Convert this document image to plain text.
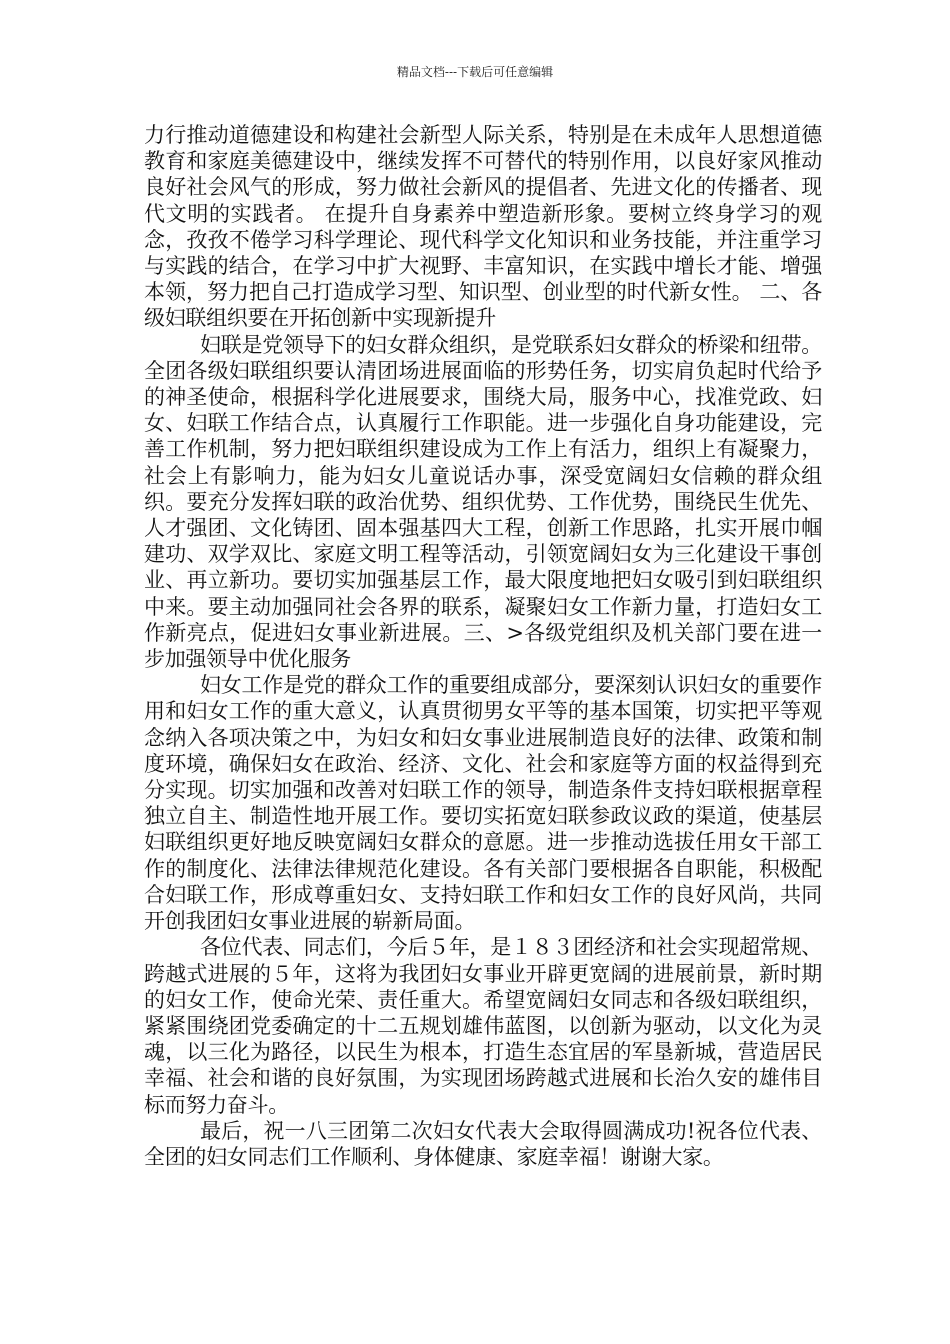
精品文档---下载后可任意编辑

力行推动道德建设和构建社会新型人际关系，特别是在未成年人思想道德教育和家庭美德建设中，继续发挥不可替代的特别作用，以良好家风推动良好社会风气的形成，努力做社会新风的提倡者、先进文化的传播者、现代文明的实践者。 在提升自身素养中塑造新形象。要树立终身学习的观念，孜孜不倦学习科学理论、现代科学文化知识和业务技能，并注重学习与实践的结合，在学习中扩大视野、丰富知识，在实践中增长才能、增强本领，努力把自己打造成学习型、知识型、创业型的时代新女性。 二、各级妇联组织要在开拓创新中实现新提升

妇联是党领导下的妇女群众组织，是党联系妇女群众的桥梁和纽带。全团各级妇联组织要认清团场进展面临的形势任务，切实肩负起时代给予的神圣使命，根据科学化进展要求，围绕大局，服务中心，找准党政、妇女、妇联工作结合点，认真履行工作职能。进一步强化自身功能建设，完善工作机制，努力把妇联组织建设成为工作上有活力，组织上有凝聚力，社会上有影响力，能为妇女儿童说话办事，深受宽阔妇女信赖的群众组织。要充分发挥妇联的政治优势、组织优势、工作优势，围绕民生优先、人才强团、文化铸团、固本强基四大工程，创新工作思路，扎实开展巾帼建功、双学双比、家庭文明工程等活动，引领宽阔妇女为三化建设干事创业、再立新功。要切实加强基层工作，最大限度地把妇女吸引到妇联组织中来。要主动加强同社会各界的联系，凝聚妇女工作新力量，打造妇女工作新亮点，促进妇女事业新进展。三、>各级党组织及机关部门要在进一步加强领导中优化服务

妇女工作是党的群众工作的重要组成部分，要深刻认识妇女的重要作用和妇女工作的重大意义，认真贯彻男女平等的基本国策，切实把平等观念纳入各项决策之中，为妇女和妇女事业进展制造良好的法律、政策和制度环境，确保妇女在政治、经济、文化、社会和家庭等方面的权益得到充分实现。切实加强和改善对妇联工作的领导，制造条件支持妇联根据章程独立自主、制造性地开展工作。要切实拓宽妇联参政议政的渠道，使基层妇联组织更好地反映宽阔妇女群众的意愿。进一步推动选拔任用女干部工作的制度化、法律法律规范化建设。各有关部门要根据各自职能，积极配合妇联工作，形成尊重妇女、支持妇联工作和妇女工作的良好风尚，共同开创我团妇女事业进展的崭新局面。

各位代表、同志们，今后５年，是１８３团经济和社会实现超常规、跨越式进展的５年，这将为我团妇女事业开辟更宽阔的进展前景，新时期的妇女工作，使命光荣、责任重大。希望宽阔妇女同志和各级妇联组织，紧紧围绕团党委确定的十二五规划雄伟蓝图，以创新为驱动，以文化为灵魂，以三化为路径，以民生为根本，打造生态宜居的军垦新城，营造居民幸福、社会和谐的良好氛围，为实现团场跨越式进展和长治久安的雄伟目标而努力奋斗。

最后，祝一八三团第二次妇女代表大会取得圆满成功!祝各位代表、全团的妇女同志们工作顺利、身体健康、家庭幸福！谢谢大家。
